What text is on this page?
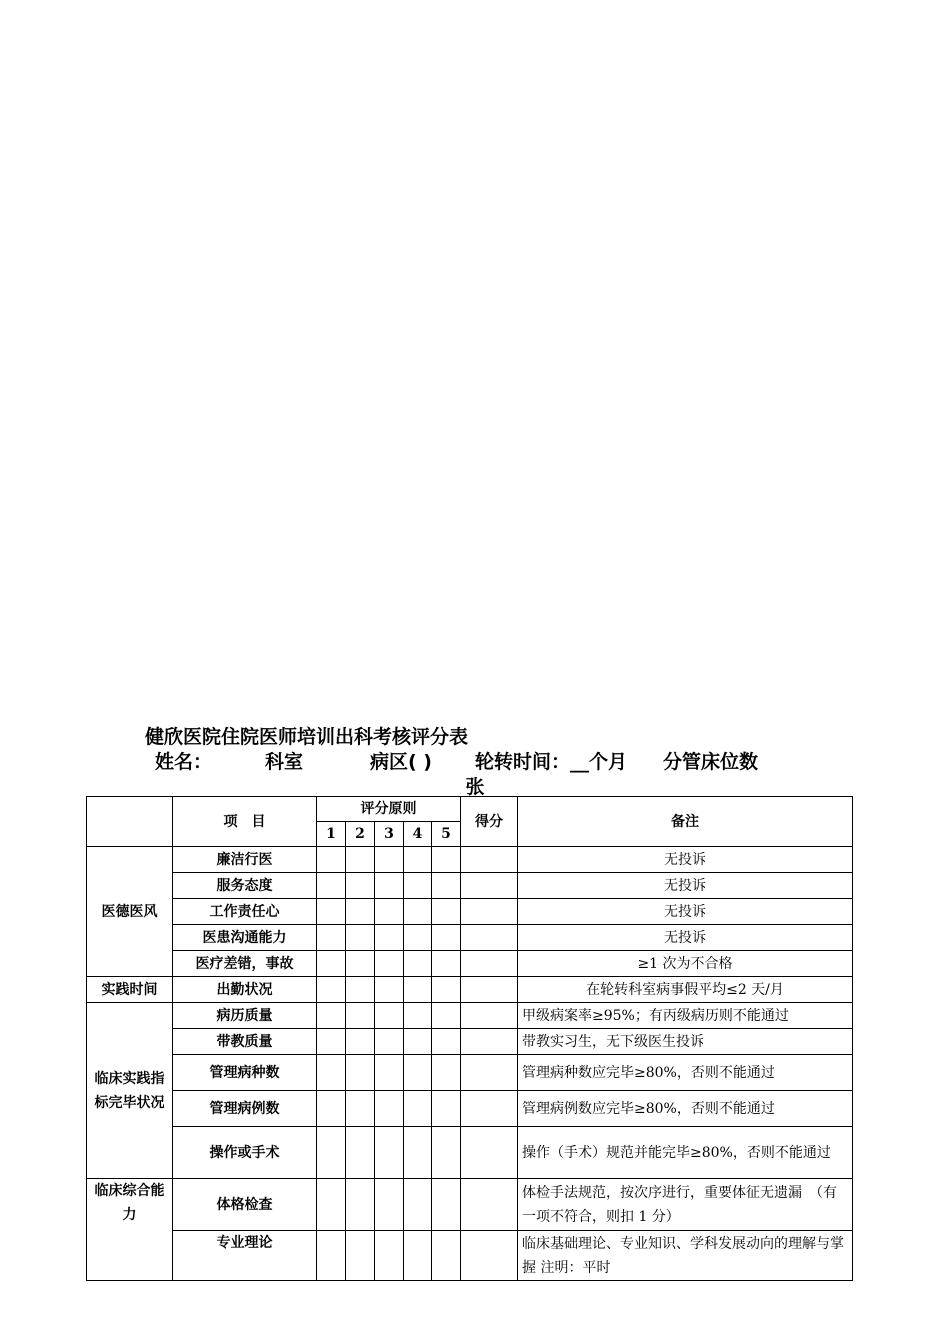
健欣医院住院医师培训出科考核评分表
姓名：	科室	病区( ) 轮转时间：__个月 分管床位数
张
	项　目	评分原则					得分	备注
		1	2	3	4	5		
医德医风	廉洁行医							无投诉
	服务态度							无投诉
	工作责任心							无投诉
	医患沟通能力							无投诉
	医疗差错，事故							≥1 次为不合格
实践时间	出勤状况							在轮转科室病事假平均≤2 天/月
临床实践指标完毕状况	病历质量							甲级病案率≥95%；有丙级病历则不能通过
	带教质量							带教实习生，无下级医生投诉
	管理病种数							管理病种数应完毕≥80%，否则不能通过
	管理病例数							管理病例数应完毕≥80%，否则不能通过
	操作或手术							操作（手术）规范并能完毕≥80%，否则不能通过
临床综合能力	体格检查							体检手法规范，按次序进行，重要体征无遗漏　（有一项不符合，则扣 1 分）
	专业理论							临床基础理论、专业知识、学科发展动向的理解与掌握 注明：平时
